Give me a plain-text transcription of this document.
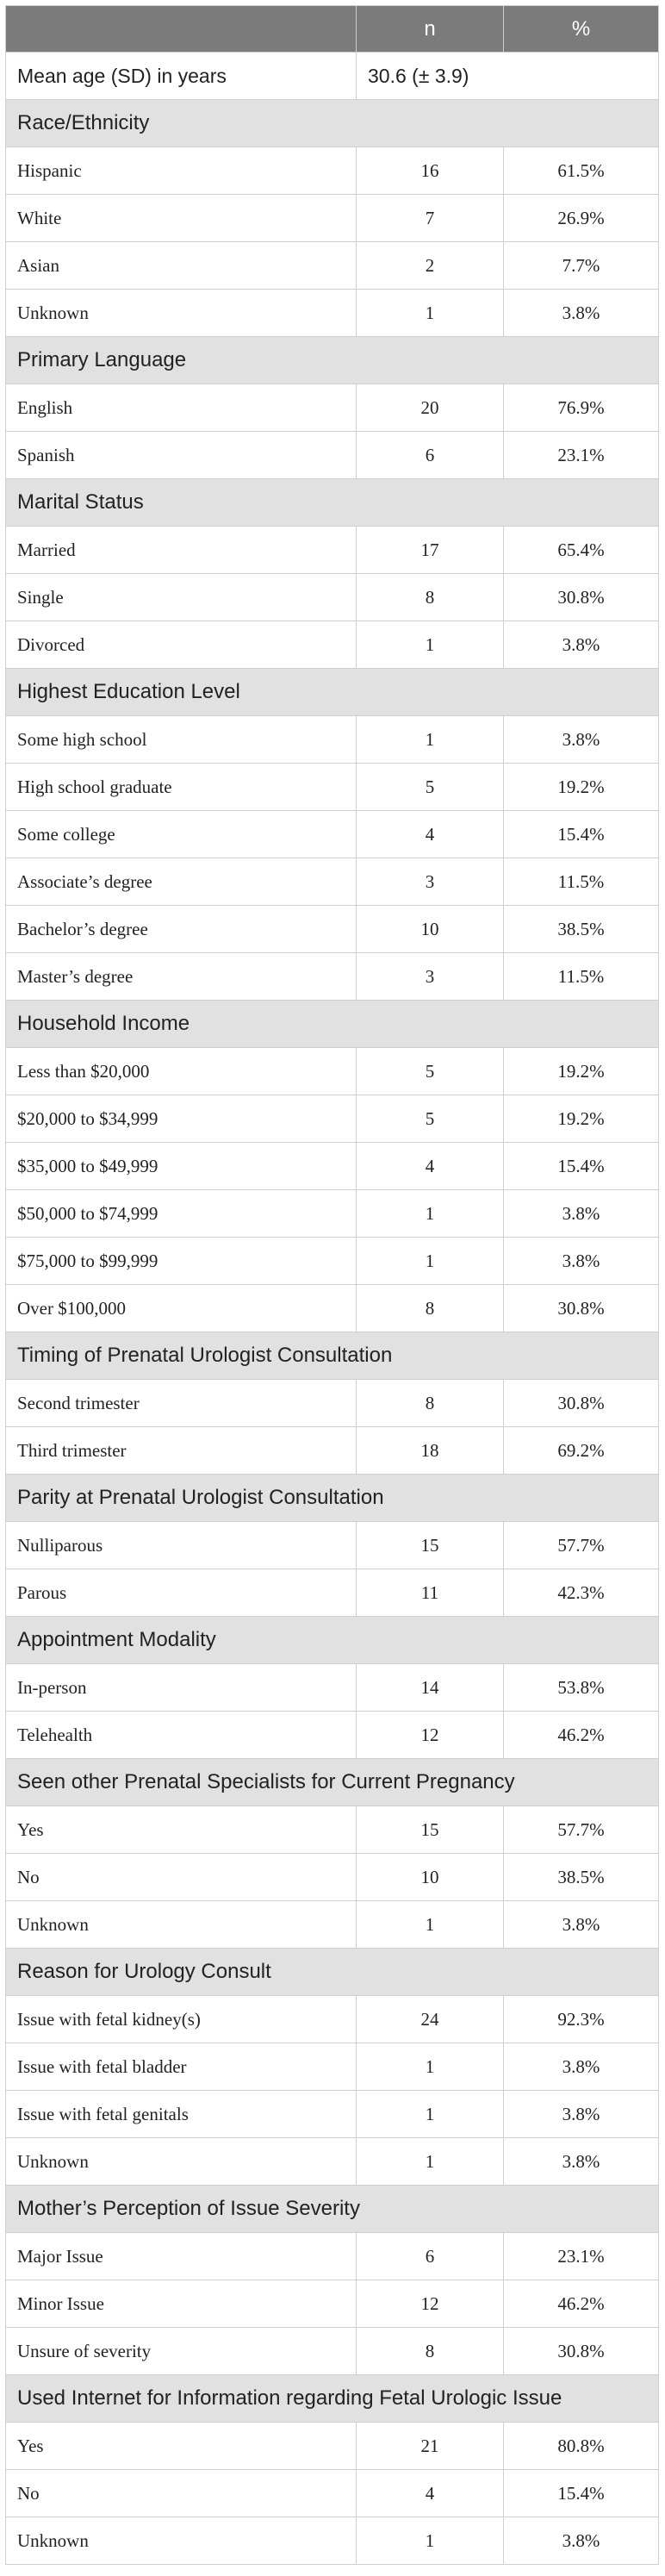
	n	%
Mean age (SD) in years	30.6 (± 3.9)	
Race/Ethnicity		
Hispanic	16	61.5%
White	7	26.9%
Asian	2	7.7%
Unknown	1	3.8%
Primary Language		
English	20	76.9%
Spanish	6	23.1%
Marital Status		
Married	17	65.4%
Single	8	30.8%
Divorced	1	3.8%
Highest Education Level		
Some high school	1	3.8%
High school graduate	5	19.2%
Some college	4	15.4%
Associate’s degree	3	11.5%
Bachelor’s degree	10	38.5%
Master’s degree	3	11.5%
Household Income		
Less than $20,000	5	19.2%
$20,000 to $34,999	5	19.2%
$35,000 to $49,999	4	15.4%
$50,000 to $74,999	1	3.8%
$75,000 to $99,999	1	3.8%
Over $100,000	8	30.8%
Timing of Prenatal Urologist Consultation		
Second trimester	8	30.8%
Third trimester	18	69.2%
Parity at Prenatal Urologist Consultation		
Nulliparous	15	57.7%
Parous	11	42.3%
Appointment Modality		
In-person	14	53.8%
Telehealth	12	46.2%
Seen other Prenatal Specialists for Current Pregnancy		
Yes	15	57.7%
No	10	38.5%
Unknown	1	3.8%
Reason for Urology Consult		
Issue with fetal kidney(s)	24	92.3%
Issue with fetal bladder	1	3.8%
Issue with fetal genitals	1	3.8%
Unknown	1	3.8%
Mother’s Perception of Issue Severity		
Major Issue	6	23.1%
Minor Issue	12	46.2%
Unsure of severity	8	30.8%
Used Internet for Information regarding Fetal Urologic Issue		
Yes	21	80.8%
No	4	15.4%
Unknown	1	3.8%
